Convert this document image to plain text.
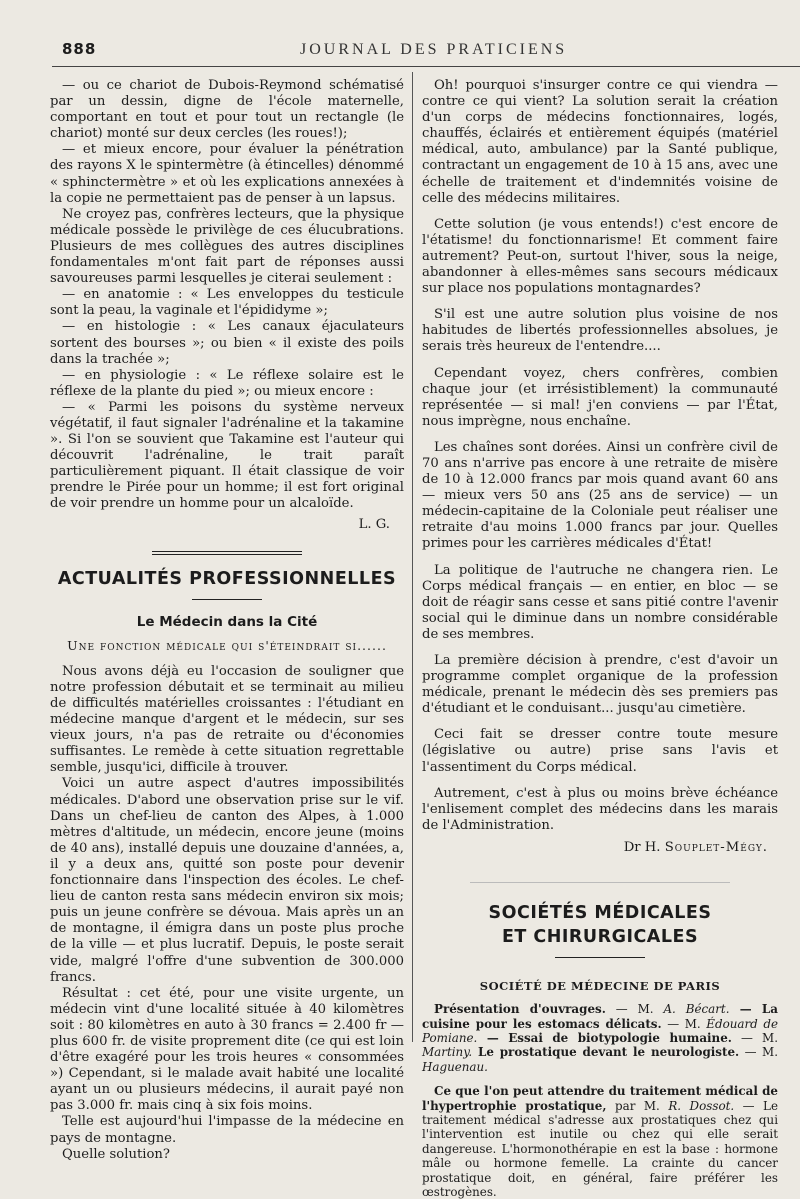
888	JOURNAL DES PRATICIENS

— ou ce chariot de Dubois-Reymond schématisé par un dessin, digne de l'école maternelle, comportant en tout et pour tout un rectangle (le chariot) monté sur deux cercles (les roues!);

— et mieux encore, pour évaluer la pénétration des rayons X le spintermètre (à étincelles) dénommé « sphinctermètre » et où les explications annexées à la copie ne permettaient pas de penser à un lapsus.

Ne croyez pas, confrères lecteurs, que la physique médicale possède le privilège de ces élucubrations. Plusieurs de mes collègues des autres disciplines fondamentales m'ont fait part de réponses aussi savoureuses parmi lesquelles je citerai seulement :

— en anatomie : « Les enveloppes du testicule sont la peau, la vaginale et l'épididyme »;

— en histologie : « Les canaux éjaculateurs sortent des bourses »; ou bien « il existe des poils dans la trachée »;

— en physiologie : « Le réflexe solaire est le réflexe de la plante du pied »; ou mieux encore :

— « Parmi les poisons du système nerveux végétatif, il faut signaler l'adrénaline et la takamine ». Si l'on se souvient que Takamine est l'auteur qui découvrit l'adrénaline, le trait paraît particulièrement piquant. Il était classique de voir prendre le Pirée pour un homme; il est fort original de voir prendre un homme pour un alcaloïde.

L. G.
ACTUALITÉS PROFESSIONNELLES
Le Médecin dans la Cité
Une fonction médicale qui s'éteindrait si......

Nous avons déjà eu l'occasion de souligner que notre profession débutait et se terminait au milieu de difficultés matérielles croissantes : l'étudiant en médecine manque d'argent et le médecin, sur ses vieux jours, n'a pas de retraite ou d'économies suffisantes. Le remède à cette situation regrettable semble, jusqu'ici, difficile à trouver.

Voici un autre aspect d'autres impossibilités médicales. D'abord une observation prise sur le vif. Dans un chef-lieu de canton des Alpes, à 1.000 mètres d'altitude, un médecin, encore jeune (moins de 40 ans), installé depuis une douzaine d'années, a, il y a deux ans, quitté son poste pour devenir fonctionnaire dans l'inspection des écoles. Le chef-lieu de canton resta sans médecin environ six mois; puis un jeune confrère se dévoua. Mais après un an de montagne, il émigra dans un poste plus proche de la ville — et plus lucratif. Depuis, le poste serait vide, malgré l'offre d'une subvention de 300.000 francs.

Résultat : cet été, pour une visite urgente, un médecin vint d'une localité située à 40 kilomètres soit : 80 kilomètres en auto à 30 francs = 2.400 fr — plus 600 fr. de visite proprement dite (ce qui est loin d'être exagéré pour les trois heures « consommées ») Cependant, si le malade avait habité une localité ayant un ou plusieurs médecins, il aurait payé non pas 3.000 fr. mais cinq à six fois moins.

Telle est aujourd'hui l'impasse de la médecine en pays de montagne.

Quelle solution?

Oh! pourquoi s'insurger contre ce qui viendra — contre ce qui vient? La solution serait la création d'un corps de médecins fonctionnaires, logés, chauffés, éclairés et entièrement équipés (matériel médical, auto, ambulance) par la Santé publique, contractant un engagement de 10 à 15 ans, avec une échelle de traitement et d'indemnités voisine de celle des médecins militaires.

Cette solution (je vous entends!) c'est encore de l'étatisme! du fonctionnarisme! Et comment faire autrement? Peut-on, surtout l'hiver, sous la neige, abandonner à elles-mêmes sans secours médicaux sur place nos populations montagnardes?

S'il est une autre solution plus voisine de nos habitudes de libertés professionnelles absolues, je serais très heureux de l'entendre....

Cependant voyez, chers confrères, combien chaque jour (et irrésistiblement) la communauté représentée — si mal! j'en conviens — par l'État, nous imprègne, nous enchaîne.

Les chaînes sont dorées. Ainsi un confrère civil de 70 ans n'arrive pas encore à une retraite de misère de 10 à 12.000 francs par mois quand avant 60 ans — mieux vers 50 ans (25 ans de service) — un médecin-capitaine de la Coloniale peut réaliser une retraite d'au moins 1.000 francs par jour. Quelles primes pour les carrières médicales d'État!

La politique de l'autruche ne changera rien. Le Corps médical français — en entier, en bloc — se doit de réagir sans cesse et sans pitié contre l'avenir social qui le diminue dans un nombre considérable de ses membres.

La première décision à prendre, c'est d'avoir un programme complet organique de la profession médicale, prenant le médecin dès ses premiers pas d'étudiant et le conduisant... jusqu'au cimetière.

Ceci fait se dresser contre toute mesure (législative ou autre) prise sans l'avis et l'assentiment du Corps médical.

Autrement, c'est à plus ou moins brève échéance l'enlisement complet des médecins dans les marais de l'Administration.

Dr H. Souplet-Mégy.
SOCIÉTÉS MÉDICALES
ET CHIRURGICALES
SOCIÉTÉ DE MÉDECINE DE PARIS

Présentation d'ouvrages. — M. A. Bécart. — La cuisine pour les estomacs délicats. — M. Édouard de Pomiane. — Essai de biotypologie humaine. — M. Martiny. Le prostatique devant le neurologiste. — M. Haguenau.

Ce que l'on peut attendre du traitement médical de l'hypertrophie prostatique, par M. R. Dossot. — Le traitement médical s'adresse aux prostatiques chez qui l'intervention est inutile ou chez qui elle serait dangereuse. L'hormonothérapie en est la base : hormone mâle ou hormone femelle. La crainte du cancer prostatique doit, en général, faire préférer les œstrogènes.
